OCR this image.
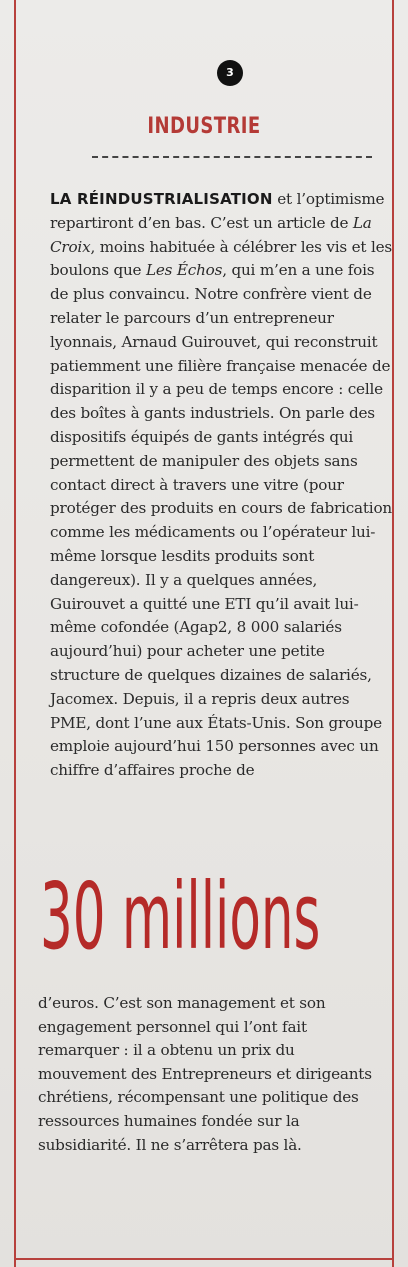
3
INDUSTRIE
LA RÉINDUSTRIALISATION et l’optimisme repartiront d’en bas. C’est un article de La Croix, moins habituée à célébrer les vis et les boulons que Les Échos, qui m’en a une fois de plus convaincu. Notre confrère vient de relater le parcours d’un entrepreneur lyonnais, Arnaud Guirouvet, qui reconstruit patiemment une filière française menacée de disparition il y a peu de temps encore : celle des boîtes à gants industriels. On parle des dispositifs équipés de gants intégrés qui permettent de manipuler des objets sans contact direct à travers une vitre (pour protéger des produits en cours de fabrication comme les médicaments ou l’opérateur lui-même lorsque lesdits produits sont dangereux). Il y a quelques années, Guirouvet a quitté une ETI qu’il avait lui-même cofondée (Agap2, 8 000 salariés aujourd’hui) pour acheter une petite structure de quelques dizaines de salariés, Jacomex. Depuis, il a repris deux autres PME, dont l’une aux États-Unis. Son groupe emploie aujourd’hui 150 personnes avec un chiffre d’affaires proche de
30 millions
d’euros. C’est son management et son engagement personnel qui l’ont fait remarquer : il a obtenu un prix du mouvement des Entrepreneurs et dirigeants chrétiens, récompensant une politique des ressources humaines fondée sur la subsidiarité. Il ne s’arrêtera pas là.
